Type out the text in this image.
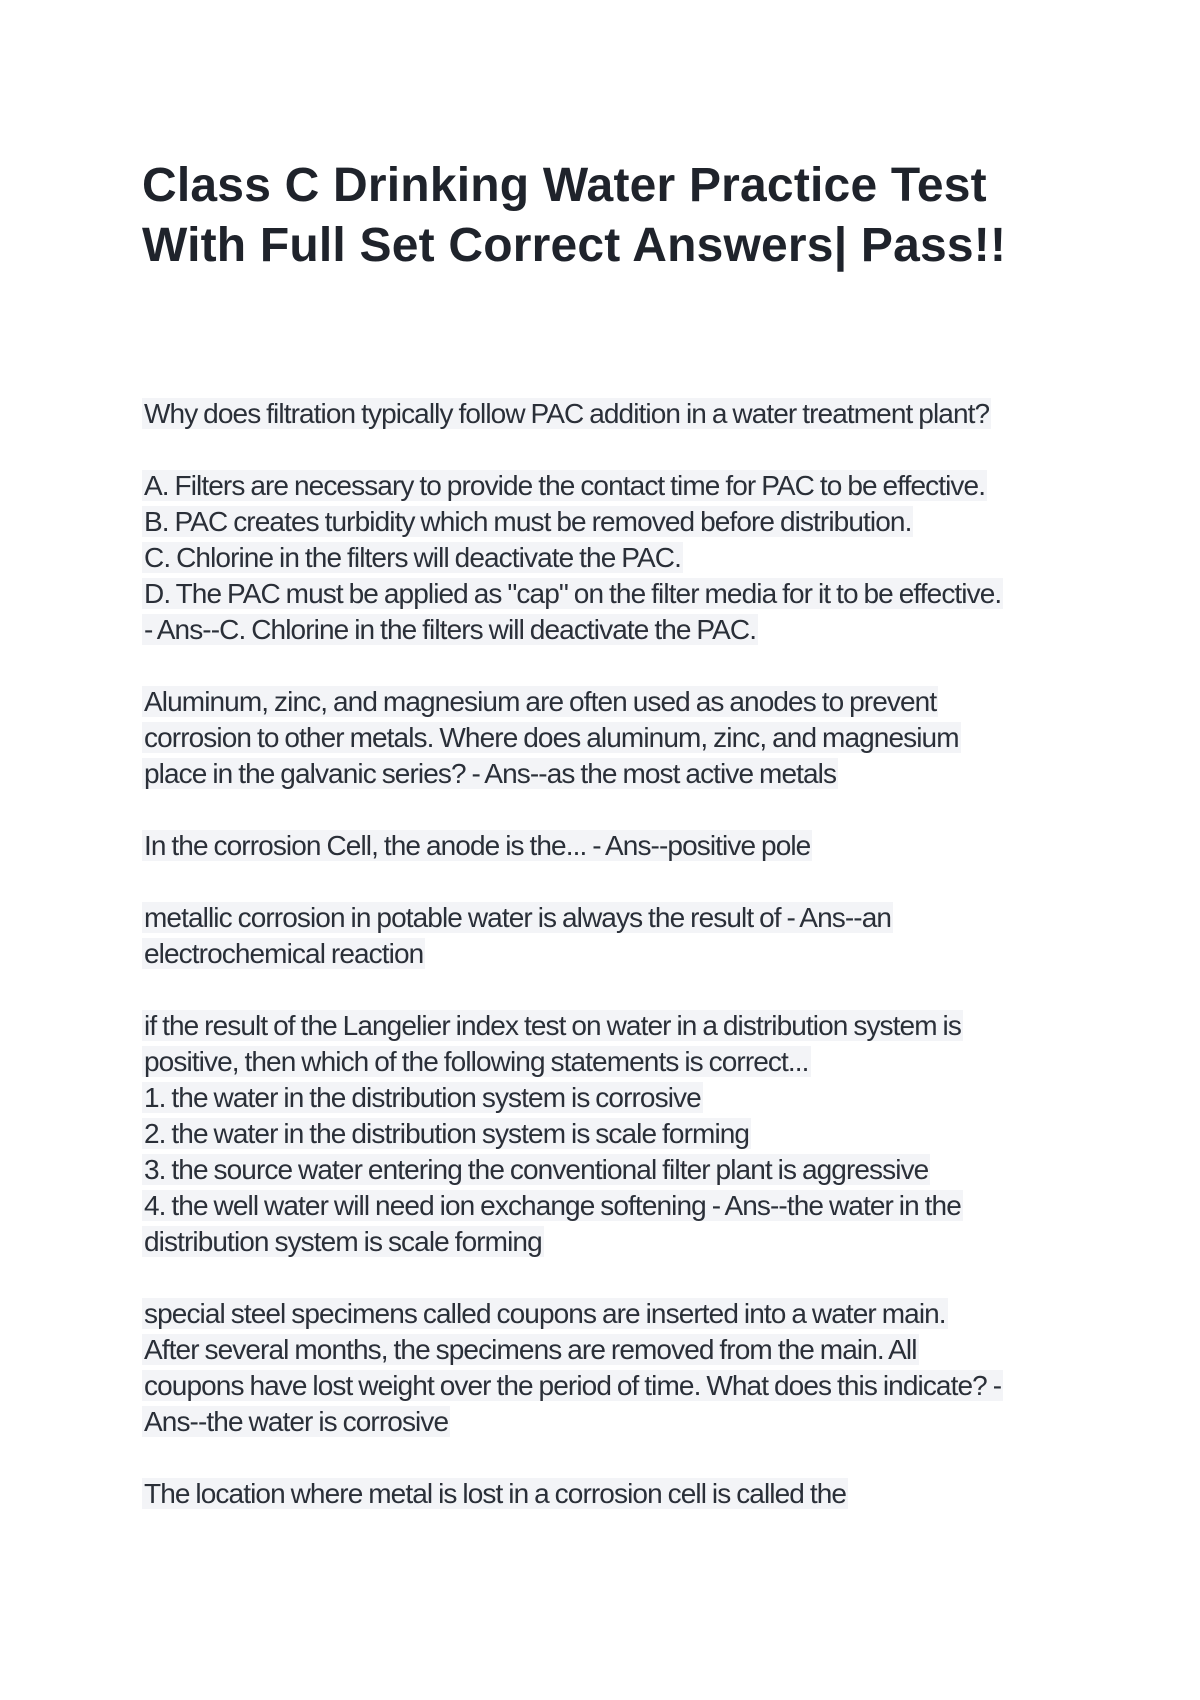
Class C Drinking Water Practice Test
With Full Set Correct Answers| Pass!!
Why does filtration typically follow PAC addition in a water treatment plant?
A. Filters are necessary to provide the contact time for PAC to be effective.
B. PAC creates turbidity which must be removed before distribution.
C. Chlorine in the filters will deactivate the PAC.
D. The PAC must be applied as "cap" on the filter media for it to be effective.
- Ans--C. Chlorine in the filters will deactivate the PAC.
Aluminum, zinc, and magnesium are often used as anodes to prevent
corrosion to other metals. Where does aluminum, zinc, and magnesium
place in the galvanic series? - Ans--as the most active metals
In the corrosion Cell, the anode is the... - Ans--positive pole
metallic corrosion in potable water is always the result of - Ans--an
electrochemical reaction
if the result of the Langelier index test on water in a distribution system is
positive, then which of the following statements is correct...
1. the water in the distribution system is corrosive
2. the water in the distribution system is scale forming
3. the source water entering the conventional filter plant is aggressive
4. the well water will need ion exchange softening - Ans--the water in the
distribution system is scale forming
special steel specimens called coupons are inserted into a water main.
After several months, the specimens are removed from the main. All
coupons have lost weight over the period of time. What does this indicate? -
Ans--the water is corrosive
The location where metal is lost in a corrosion cell is called the
